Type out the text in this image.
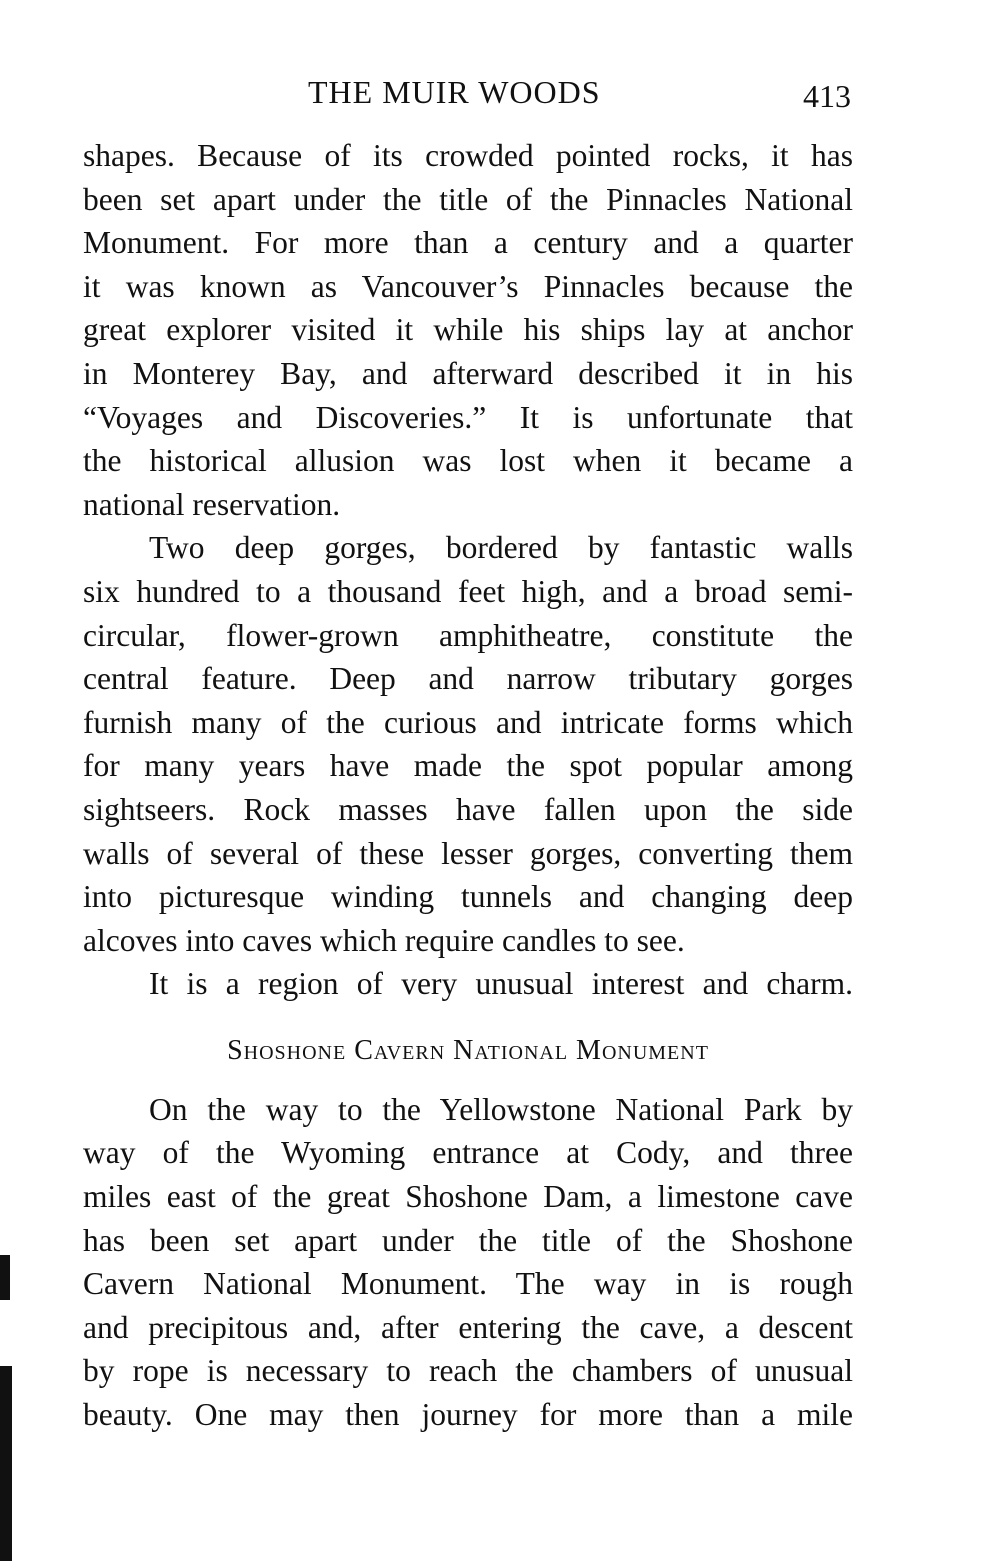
THE MUIR WOODS	413
shapes. Because of its crowded pointed rocks, it has
been set apart under the title of the Pinnacles National
Monument. For more than a century and a quarter
it was known as Vancouver’s Pinnacles because the
great explorer visited it while his ships lay at anchor
in Monterey Bay, and afterward described it in his
“Voyages and Discoveries.” It is unfortunate that
the historical allusion was lost when it became a
national reservation.
Two deep gorges, bordered by fantastic walls
six hundred to a thousand feet high, and a broad semi-
circular, flower-grown amphitheatre, constitute the
central feature. Deep and narrow tributary gorges
furnish many of the curious and intricate forms which
for many years have made the spot popular among
sightseers. Rock masses have fallen upon the side
walls of several of these lesser gorges, converting them
into picturesque winding tunnels and changing deep
alcoves into caves which require candles to see.
It is a region of very unusual interest and charm.
Shoshone Cavern National Monument
On the way to the Yellowstone National Park by
way of the Wyoming entrance at Cody, and three
miles east of the great Shoshone Dam, a limestone cave
has been set apart under the title of the Shoshone
Cavern National Monument. The way in is rough
and precipitous and, after entering the cave, a descent
by rope is necessary to reach the chambers of unusual
beauty. One may then journey for more than a mile
